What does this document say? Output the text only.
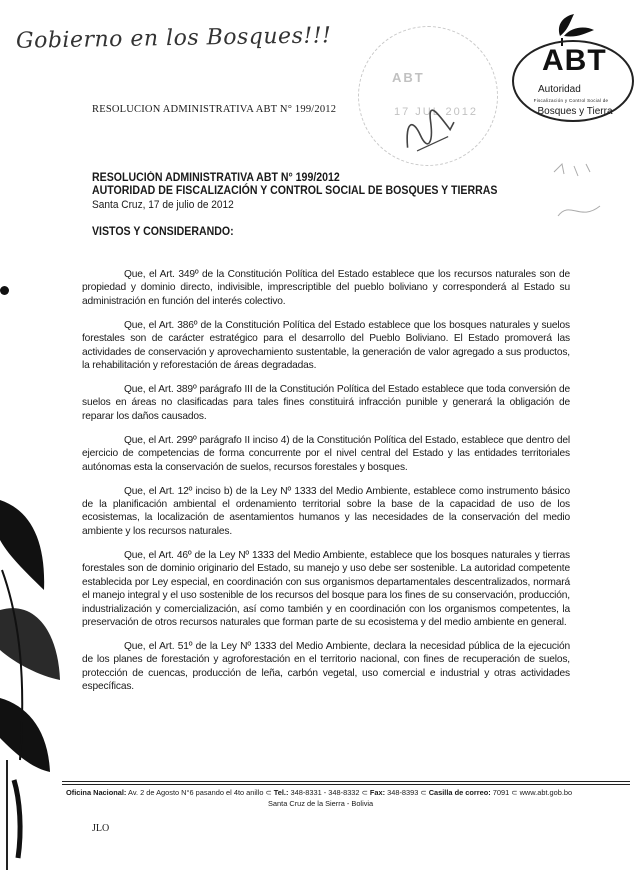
Gobierno en los Bosques!!!
ABT
17 JUL 2012
ABT
Autoridad
Fiscalización y Control Social de
Bosques y Tierra
RESOLUCION ADMINISTRATIVA ABT N° 199/2012
RESOLUCIÓN ADMINISTRATIVA ABT N° 199/2012
AUTORIDAD DE FISCALIZACIÓN Y CONTROL SOCIAL DE BOSQUES Y TIERRAS
Santa Cruz, 17 de julio de 2012
VISTOS Y CONSIDERANDO:

Que, el Art. 349º de la Constitución Política del Estado establece que los recursos naturales son de propiedad y dominio directo, indivisible, imprescriptible del pueblo boliviano y corresponderá al Estado su administración en función del interés colectivo.

Que, el Art. 386º de la Constitución Política del Estado establece que los bosques naturales y suelos forestales son de carácter estratégico para el desarrollo del Pueblo Boliviano. El Estado promoverá las actividades de conservación y aprovechamiento sustentable, la generación de valor agregado a sus productos, la rehabilitación y reforestación de áreas degradadas.

Que, el Art. 389º parágrafo III de la Constitución Política del Estado establece que toda conversión de suelos en áreas no clasificadas para tales fines constituirá infracción punible y generará la obligación de reparar los daños causados.

Que, el Art. 299º parágrafo II inciso 4) de la Constitución Política del Estado, establece que dentro del ejercicio de competencias de forma concurrente por el nivel central del Estado y las entidades territoriales autónomas esta la conservación de suelos, recursos forestales y bosques.

Que, el Art. 12º inciso b) de la Ley Nº 1333 del Medio Ambiente, establece como instrumento básico de la planificación ambiental el ordenamiento territorial sobre la base de la capacidad de uso de los ecosistemas, la localización de asentamientos humanos y las necesidades de la conservación del medio ambiente y los recursos naturales.

Que, el Art. 46º de la Ley Nº 1333 del Medio Ambiente, establece que los bosques naturales y tierras forestales son de dominio originario del Estado, su manejo y uso debe ser sostenible. La autoridad competente establecida por Ley especial, en coordinación con sus organismos departamentales descentralizados, normará el manejo integral y el uso sostenible de los recursos del bosque para los fines de su conservación, producción, industrialización y comercialización, así como también y en coordinación con los organismos competentes, la preservación de otros recursos naturales que forman parte de su ecosistema y del medio ambiente en general.

Que, el Art. 51º de la Ley Nº 1333 del Medio Ambiente, declara la necesidad pública de la ejecución de los planes de forestación y agroforestación en el territorio nacional, con fines de recuperación de suelos, protección de cuencas, producción de leña, carbón vegetal, uso comercial e industrial y otras actividades específicas.

Oficina Nacional: Av. 2 de Agosto N°6 pasando el 4to anillo ⊂ Tel.: 348-8331 - 348-8332 ⊂ Fax: 348-8393 ⊂ Casilla de correo: 7091 ⊂ www.abt.gob.bo
Santa Cruz de la Sierra - Bolivia
JLO
